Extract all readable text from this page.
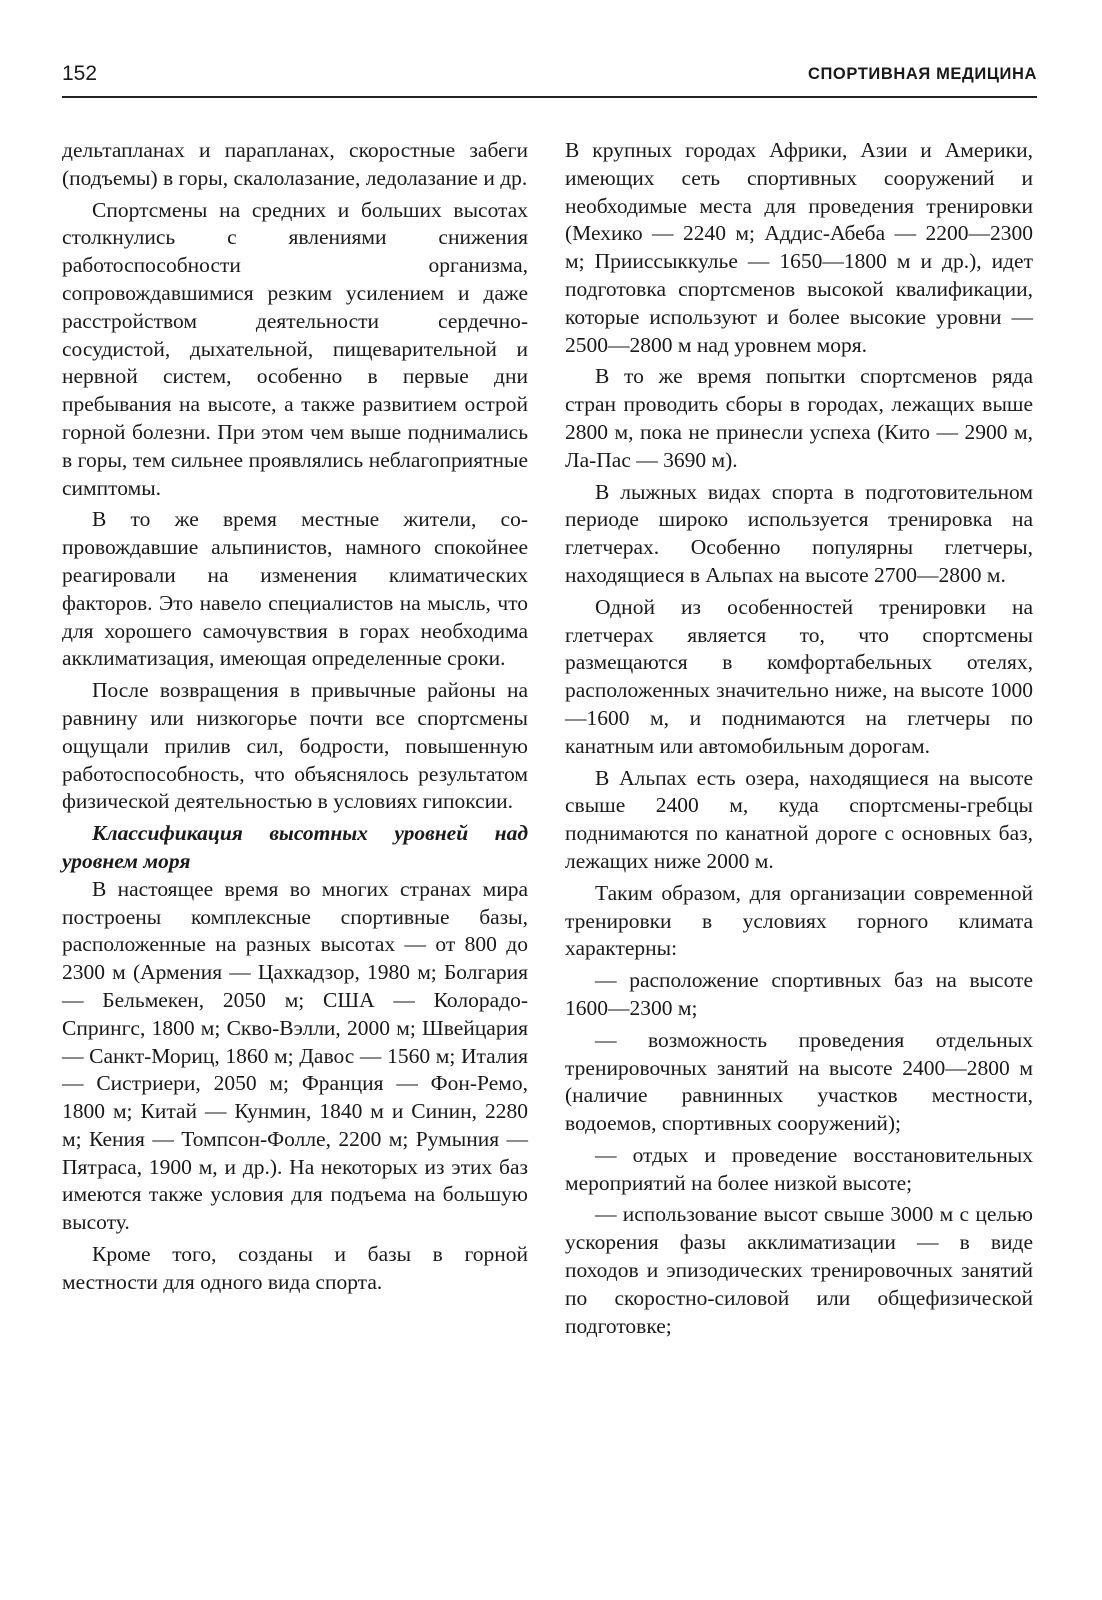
152	СПОРТИВНАЯ МЕДИЦИНА

дельтапланах и парапланах, скоростные забеги (подъемы) в горы, скалолазание, ледолазание и др.

Спортсмены на средних и больших высотах столкнулись с явлениями снижения работоспособности организма, сопровождавшимися резким усилением и даже расстройством деятельности сердечно-сосудистой, дыхательной, пищеварительной и нервной систем, особенно в первые дни пребывания на высоте, а также развитием острой горной болезни. При этом чем выше поднимались в горы, тем сильнее проявлялись неблагоприятные симптомы.

В то же время местные жители, сопровождавшие альпинистов, намного спокойнее реагировали на изменения климатических факторов. Это навело специалистов на мысль, что для хорошего самочувствия в горах необходима акклиматизация, имеющая определенные сроки.

После возвращения в привычные районы на равнину или низкогорье почти все спортсмены ощущали прилив сил, бодрости, повышенную работоспособность, что объяснялось результатом физической деятельностью в условиях гипоксии.

Классификация высотных уровней над уровнем моря

В настоящее время во многих странах мира построены комплексные спортивные базы, расположенные на разных высотах — от 800 до 2300 м (Армения — Цахкадзор, 1980 м; Болгария — Бельмекен, 2050 м; США — Колорадо-Спрингс, 1800 м; Скво-Вэлли, 2000 м; Швейцария — Санкт-Мориц, 1860 м; Давос — 1560 м; Италия — Систриери, 2050 м; Франция — Фон-Ремо, 1800 м; Китай — Кунмин, 1840 м и Синин, 2280 м; Кения — Томпсон-Фолле, 2200 м; Румыния — Пятраса, 1900 м, и др.). На некоторых из этих баз имеются также условия для подъема на большую высоту.

Кроме того, созданы и базы в горной местности для одного вида спорта.

В крупных городах Африки, Азии и Америки, имеющих сеть спортивных сооружений и необходимые места для проведения тренировки (Мехико — 2240 м; Аддис-Абеба — 2200—2300 м; Прииссыккулье — 1650—1800 м и др.), идет подготовка спортсменов высокой квалификации, которые используют и более высокие уровни — 2500—2800 м над уровнем моря.

В то же время попытки спортсменов ряда стран проводить сборы в городах, лежащих выше 2800 м, пока не принесли успеха (Кито — 2900 м, Ла-Пас — 3690 м).

В лыжных видах спорта в подготовительном периоде широко используется тренировка на глетчерах. Особенно популярны глетчеры, находящиеся в Альпах на высоте 2700—2800 м.

Одной из особенностей тренировки на глетчерах является то, что спортсмены размещаются в комфортабельных отелях, расположенных значительно ниже, на высоте 1000—1600 м, и поднимаются на глетчеры по канатным или автомобильным дорогам.

В Альпах есть озера, находящиеся на высоте свыше 2400 м, куда спортсмены-гребцы поднимаются по канатной дороге с основных баз, лежащих ниже 2000 м.

Таким образом, для организации современной тренировки в условиях горного климата характерны:

— расположение спортивных баз на высоте 1600—2300 м;

— возможность проведения отдельных тренировочных занятий на высоте 2400—2800 м (наличие равнинных участков местности, водоемов, спортивных сооружений);

— отдых и проведение восстановительных мероприятий на более низкой высоте;

— использование высот свыше 3000 м с целью ускорения фазы акклиматизации — в виде походов и эпизодических тренировочных занятий по скоростно-силовой или общефизической подготовке;
